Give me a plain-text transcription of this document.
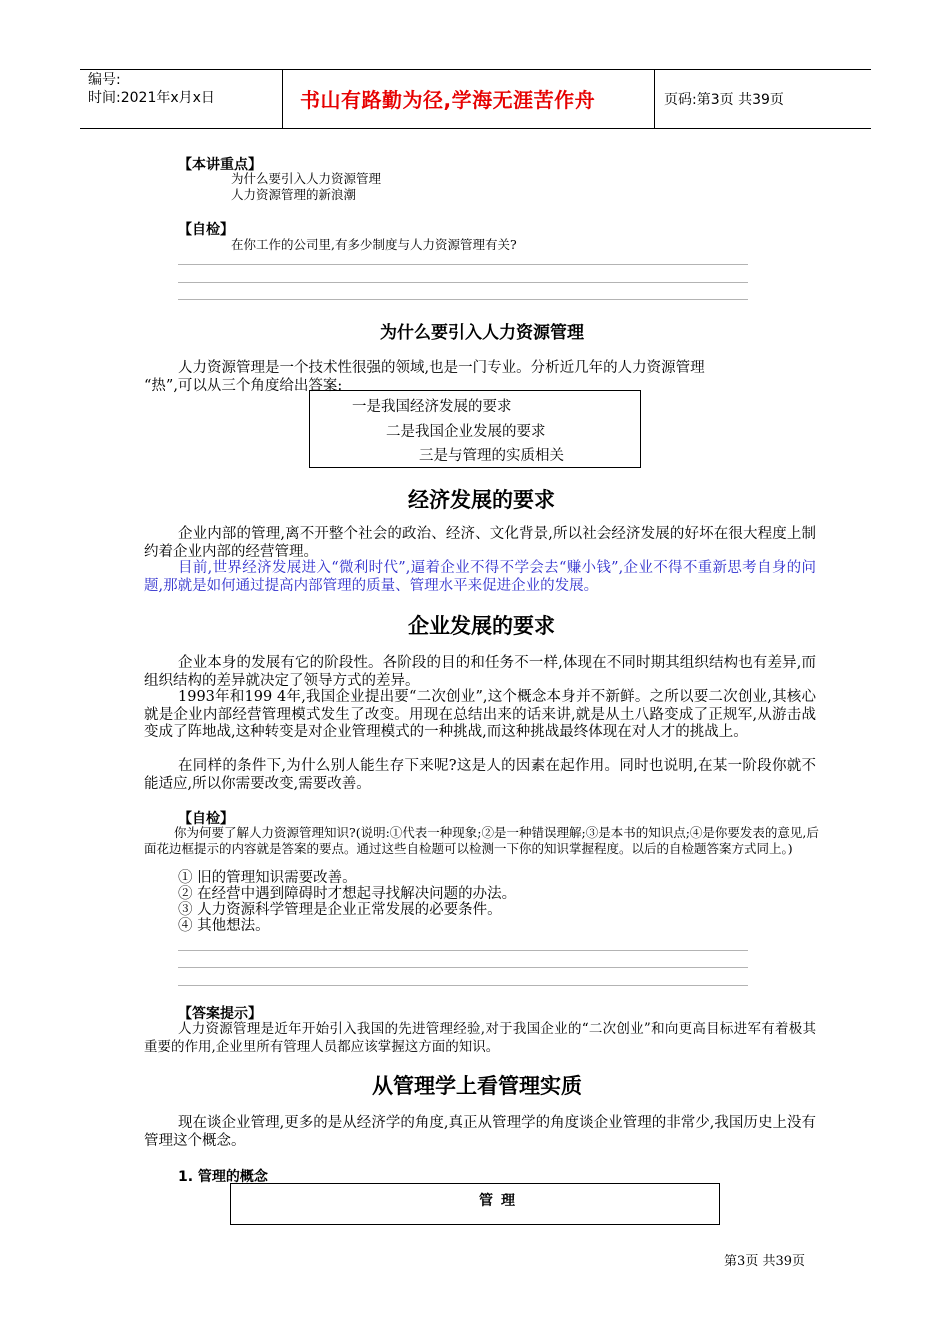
编号:
时间:2021年x月x日	书山有路勤为径,学海无涯苦作舟	页码:第3页 共39页
【本讲重点】
为什么要引入人力资源管理
人力资源管理的新浪潮
【自检】
在你工作的公司里,有多少制度与人力资源管理有关?
为什么要引入人力资源管理
人力资源管理是一个技术性很强的领域,也是一门专业。分析近几年的人力资源管理
“热”,可以从三个角度给出答案:
一是我国经济发展的要求
二是我国企业发展的要求
三是与管理的实质相关
经济发展的要求

企业内部的管理,离不开整个社会的政治、经济、文化背景,所以社会经济发展的好坏在很大程度上制约着企业内部的经营管理。

目前,世界经济发展进入“微利时代”,逼着企业不得不学会去“赚小钱”,企业不得不重新思考自身的问题,那就是如何通过提高内部管理的质量、管理水平来促进企业的发展。

企业发展的要求

企业本身的发展有它的阶段性。各阶段的目的和任务不一样,体现在不同时期其组织结构也有差异,而组织结构的差异就决定了领导方式的差异。

1993年和199 4年,我国企业提出要“二次创业”,这个概念本身并不新鲜。之所以要二次创业,其核心就是企业内部经营管理模式发生了改变。用现在总结出来的话来讲,就是从土八路变成了正规军,从游击战变成了阵地战,这种转变是对企业管理模式的一种挑战,而这种挑战最终体现在对人才的挑战上。

在同样的条件下,为什么别人能生存下来呢?这是人的因素在起作用。同时也说明,在某一阶段你就不能适应,所以你需要改变,需要改善。

【自检】

你为何要了解人力资源管理知识?(说明:①代表一种现象;②是一种错误理解;③是本书的知识点;④是你要发表的意见,后面花边框提示的内容就是答案的要点。通过这些自检题可以检测一下你的知识掌握程度。以后的自检题答案方式同上。)

① 旧的管理知识需要改善。
② 在经营中遇到障碍时才想起寻找解决问题的办法。
③ 人力资源科学管理是企业正常发展的必要条件。
④ 其他想法。
【答案提示】

人力资源管理是近年开始引入我国的先进管理经验,对于我国企业的“二次创业”和向更高目标进军有着极其重要的作用,企业里所有管理人员都应该掌握这方面的知识。

从管理学上看管理实质

现在谈企业管理,更多的是从经济学的角度,真正从管理学的角度谈企业管理的非常少,我国历史上没有管理这个概念。

1. 管理的概念
管理
第3页 共39页
